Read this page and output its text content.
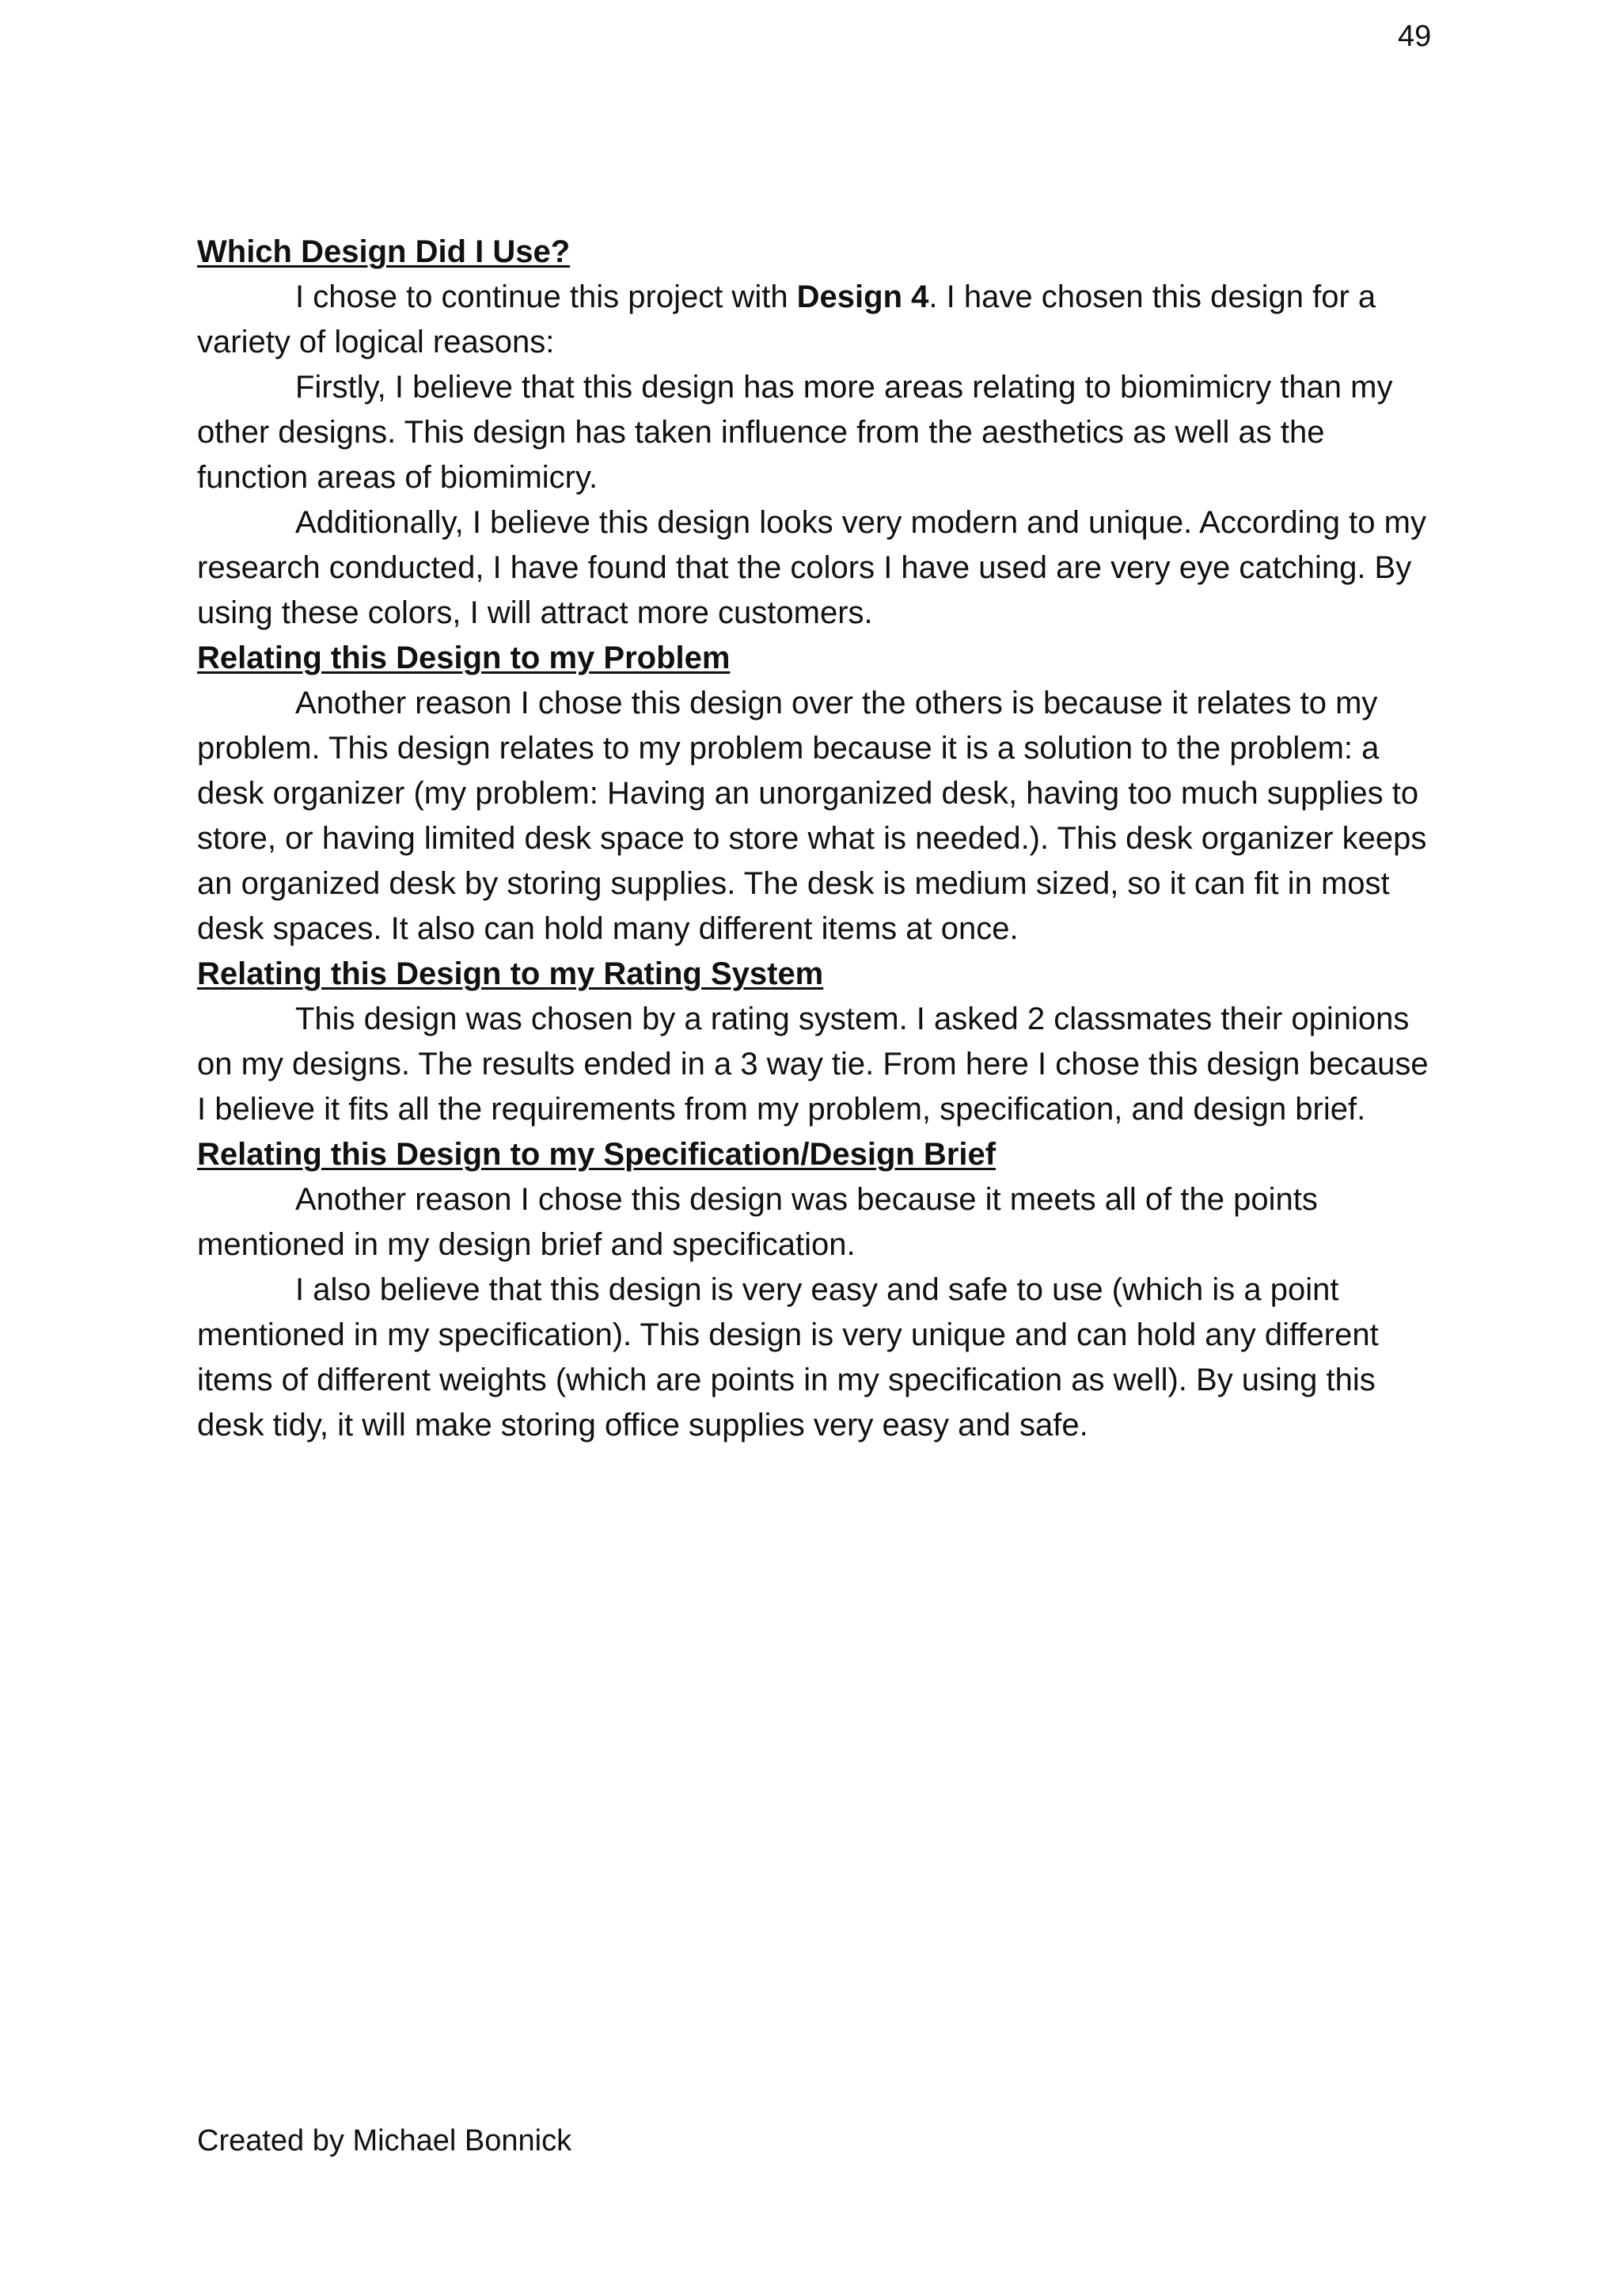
49

Which Design Did I Use?

I chose to continue this project with Design 4. I have chosen this design for a variety of logical reasons:

Firstly, I believe that this design has more areas relating to biomimicry than my other designs. This design has taken influence from the aesthetics as well as the function areas of biomimicry.

Additionally, I believe this design looks very modern and unique. According to my research conducted, I have found that the colors I have used are very eye catching. By using these colors, I will attract more customers.

Relating this Design to my Problem

Another reason I chose this design over the others is because it relates to my problem. This design relates to my problem because it is a solution to the problem: a desk organizer (my problem: Having an unorganized desk, having too much supplies to store, or having limited desk space to store what is needed.). This desk organizer keeps an organized desk by storing supplies. The desk is medium sized, so it can fit in most desk spaces. It also can hold many different items at once.

Relating this Design to my Rating System

This design was chosen by a rating system. I asked 2 classmates their opinions on my designs. The results ended in a 3 way tie. From here I chose this design because I believe it fits all the requirements from my problem, specification, and design brief.

Relating this Design to my Specification/Design Brief

Another reason I chose this design was because it meets all of the points mentioned in my design brief and specification.

I also believe that this design is very easy and safe to use (which is a point mentioned in my specification). This design is very unique and can hold any different items of different weights (which are points in my specification as well). By using this desk tidy, it will make storing office supplies very easy and safe.

Created by Michael Bonnick
